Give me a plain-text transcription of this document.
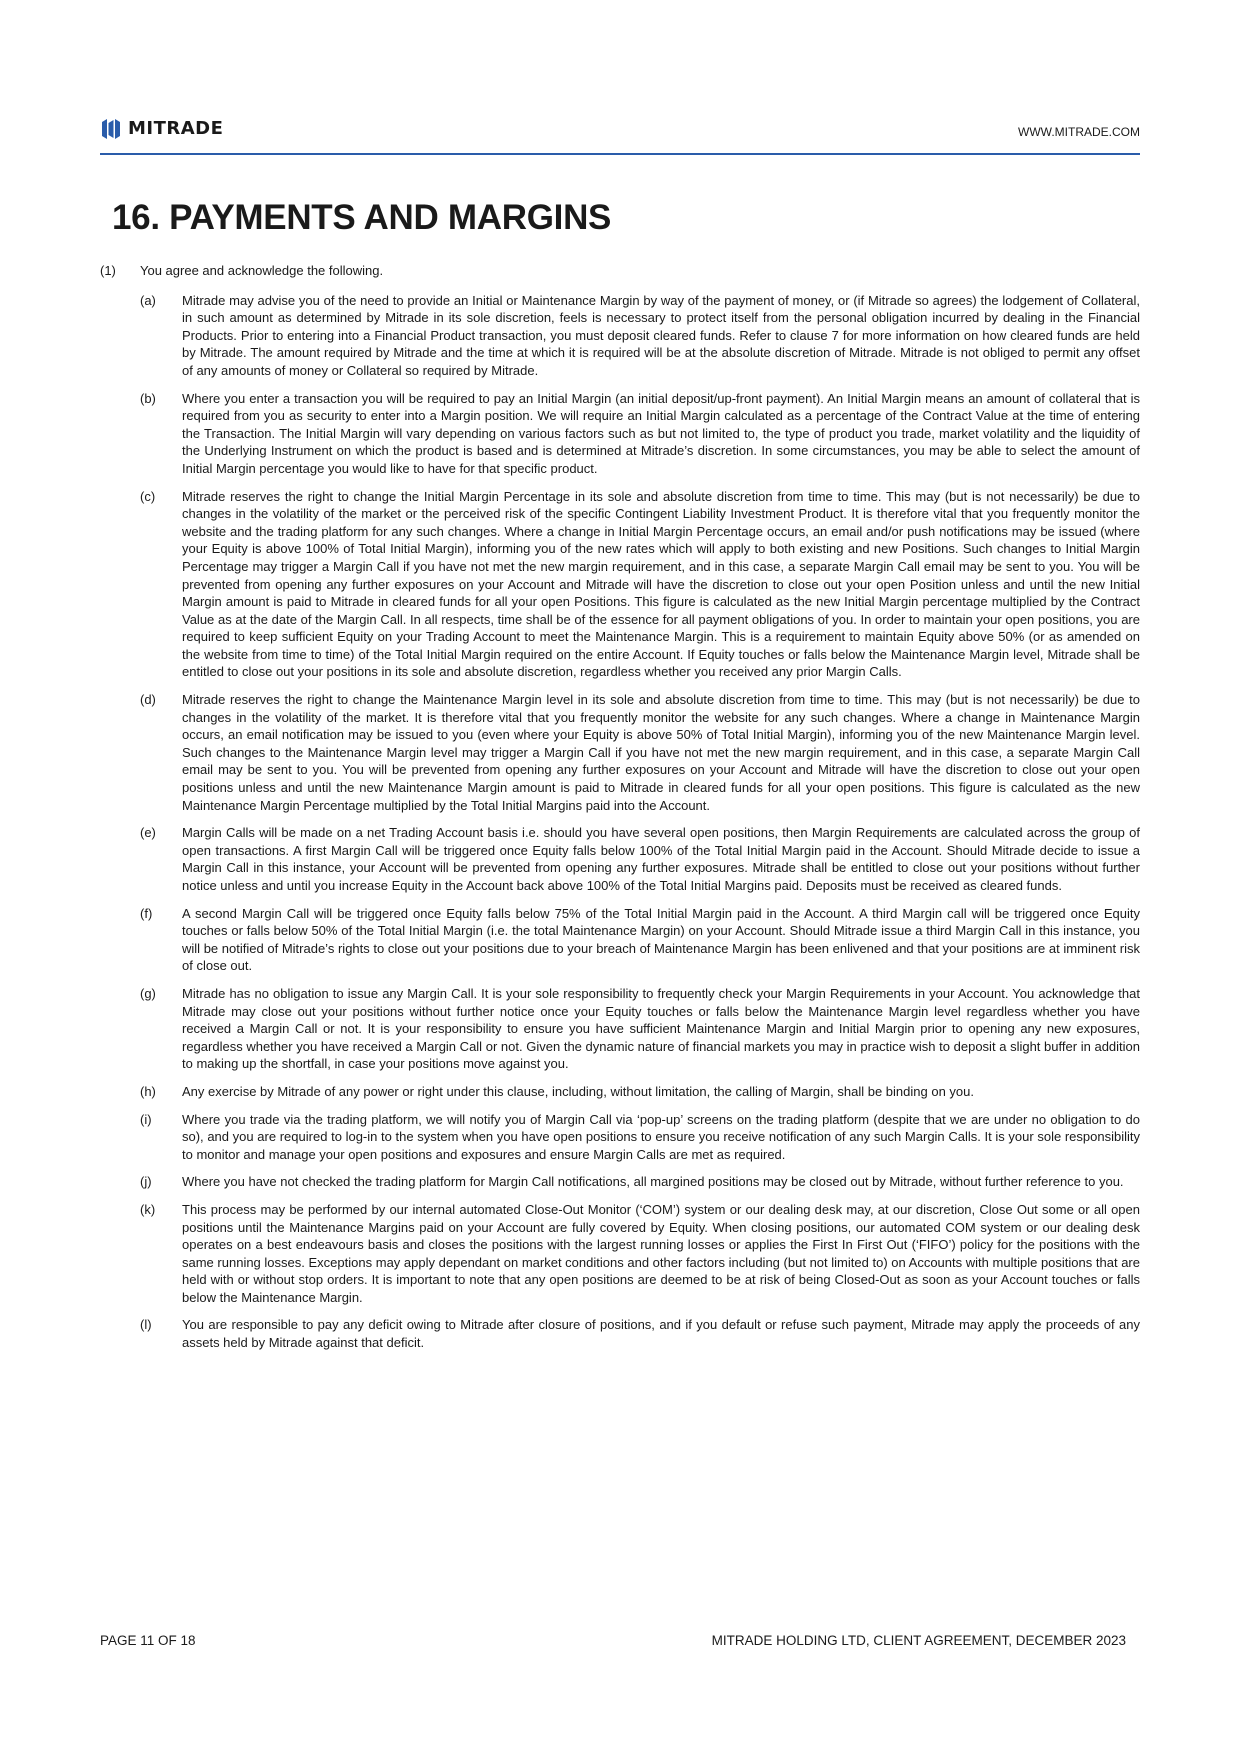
MITRADE	WWW.MITRADE.COM
16. PAYMENTS AND MARGINS
(1)	You agree and acknowledge the following.
(a)	Mitrade may advise you of the need to provide an Initial or Maintenance Margin by way of the payment of money, or (if Mitrade so agrees) the lodgement of Collateral, in such amount as determined by Mitrade in its sole discretion, feels is necessary to protect itself from the personal obligation incurred by dealing in the Financial Products. Prior to entering into a Financial Product transaction, you must deposit cleared funds. Refer to clause 7 for more information on how cleared funds are held by Mitrade. The amount required by Mitrade and the time at which it is required will be at the absolute discretion of Mitrade. Mitrade is not obliged to permit any offset of any amounts of money or Collateral so required by Mitrade.
(b)	Where you enter a transaction you will be required to pay an Initial Margin (an initial deposit/up-front payment). An Initial Margin means an amount of collateral that is required from you as security to enter into a Margin position. We will require an Initial Margin calculated as a percentage of the Contract Value at the time of entering the Transaction. The Initial Margin will vary depending on various factors such as but not limited to, the type of product you trade, market volatility and the liquidity of the Underlying Instrument on which the product is based and is determined at Mitrade’s discretion. In some circumstances, you may be able to select the amount of Initial Margin percentage you would like to have for that specific product.
(c)	Mitrade reserves the right to change the Initial Margin Percentage in its sole and absolute discretion from time to time. This may (but is not necessarily) be due to changes in the volatility of the market or the perceived risk of the specific Contingent Liability Investment Product. It is therefore vital that you frequently monitor the website and the trading platform for any such changes. Where a change in Initial Margin Percentage occurs, an email and/or push notifications may be issued (where your Equity is above 100% of Total Initial Margin), informing you of the new rates which will apply to both existing and new Positions. Such changes to Initial Margin Percentage may trigger a Margin Call if you have not met the new margin requirement, and in this case, a separate Margin Call email may be sent to you. You will be prevented from opening any further exposures on your Account and Mitrade will have the discretion to close out your open Position unless and until the new Initial Margin amount is paid to Mitrade in cleared funds for all your open Positions. This figure is calculated as the new Initial Margin percentage multiplied by the Contract Value as at the date of the Margin Call. In all respects, time shall be of the essence for all payment obligations of you. In order to maintain your open positions, you are required to keep sufficient Equity on your Trading Account to meet the Maintenance Margin. This is a requirement to maintain Equity above 50% (or as amended on the website from time to time) of the Total Initial Margin required on the entire Account. If Equity touches or falls below the Maintenance Margin level, Mitrade shall be entitled to close out your positions in its sole and absolute discretion, regardless whether you received any prior Margin Calls.
(d)	Mitrade reserves the right to change the Maintenance Margin level in its sole and absolute discretion from time to time. This may (but is not necessarily) be due to changes in the volatility of the market. It is therefore vital that you frequently monitor the website for any such changes. Where a change in Maintenance Margin occurs, an email notification may be issued to you (even where your Equity is above 50% of Total Initial Margin), informing you of the new Maintenance Margin level. Such changes to the Maintenance Margin level may trigger a Margin Call if you have not met the new margin requirement, and in this case, a separate Margin Call email may be sent to you. You will be prevented from opening any further exposures on your Account and Mitrade will have the discretion to close out your open positions unless and until the new Maintenance Margin amount is paid to Mitrade in cleared funds for all your open positions. This figure is calculated as the new Maintenance Margin Percentage multiplied by the Total Initial Margins paid into the Account.
(e)	Margin Calls will be made on a net Trading Account basis i.e. should you have several open positions, then Margin Requirements are calculated across the group of open transactions. A first Margin Call will be triggered once Equity falls below 100% of the Total Initial Margin paid in the Account. Should Mitrade decide to issue a Margin Call in this instance, your Account will be prevented from opening any further exposures. Mitrade shall be entitled to close out your positions without further notice unless and until you increase Equity in the Account back above 100% of the Total Initial Margins paid. Deposits must be received as cleared funds.
(f)	A second Margin Call will be triggered once Equity falls below 75% of the Total Initial Margin paid in the Account. A third Margin call will be triggered once Equity touches or falls below 50% of the Total Initial Margin (i.e. the total Maintenance Margin) on your Account. Should Mitrade issue a third Margin Call in this instance, you will be notified of Mitrade’s rights to close out your positions due to your breach of Maintenance Margin has been enlivened and that your positions are at imminent risk of close out.
(g)	Mitrade has no obligation to issue any Margin Call. It is your sole responsibility to frequently check your Margin Requirements in your Account. You acknowledge that Mitrade may close out your positions without further notice once your Equity touches or falls below the Maintenance Margin level regardless whether you have received a Margin Call or not. It is your responsibility to ensure you have sufficient Maintenance Margin and Initial Margin prior to opening any new exposures, regardless whether you have received a Margin Call or not. Given the dynamic nature of financial markets you may in practice wish to deposit a slight buffer in addition to making up the shortfall, in case your positions move against you.
(h)	Any exercise by Mitrade of any power or right under this clause, including, without limitation, the calling of Margin, shall be binding on you.
(i)	Where you trade via the trading platform, we will notify you of Margin Call via ‘pop-up’ screens on the trading platform (despite that we are under no obligation to do so), and you are required to log-in to the system when you have open positions to ensure you receive notification of any such Margin Calls. It is your sole responsibility to monitor and manage your open positions and exposures and ensure Margin Calls are met as required.
(j)	Where you have not checked the trading platform for Margin Call notifications, all margined positions may be closed out by Mitrade, without further reference to you.
(k)	This process may be performed by our internal automated Close-Out Monitor (‘COM’) system or our dealing desk may, at our discretion, Close Out some or all open positions until the Maintenance Margins paid on your Account are fully covered by Equity. When closing positions, our automated COM system or our dealing desk operates on a best endeavours basis and closes the positions with the largest running losses or applies the First In First Out (‘FIFO’) policy for the positions with the same running losses. Exceptions may apply dependant on market conditions and other factors including (but not limited to) on Accounts with multiple positions that are held with or without stop orders. It is important to note that any open positions are deemed to be at risk of being Closed-Out as soon as your Account touches or falls below the Maintenance Margin.
(l)	You are responsible to pay any deficit owing to Mitrade after closure of positions, and if you default or refuse such payment, Mitrade may apply the proceeds of any assets held by Mitrade against that deficit.
PAGE 11 OF 18	MITRADE HOLDING LTD, CLIENT AGREEMENT, DECEMBER 2023
